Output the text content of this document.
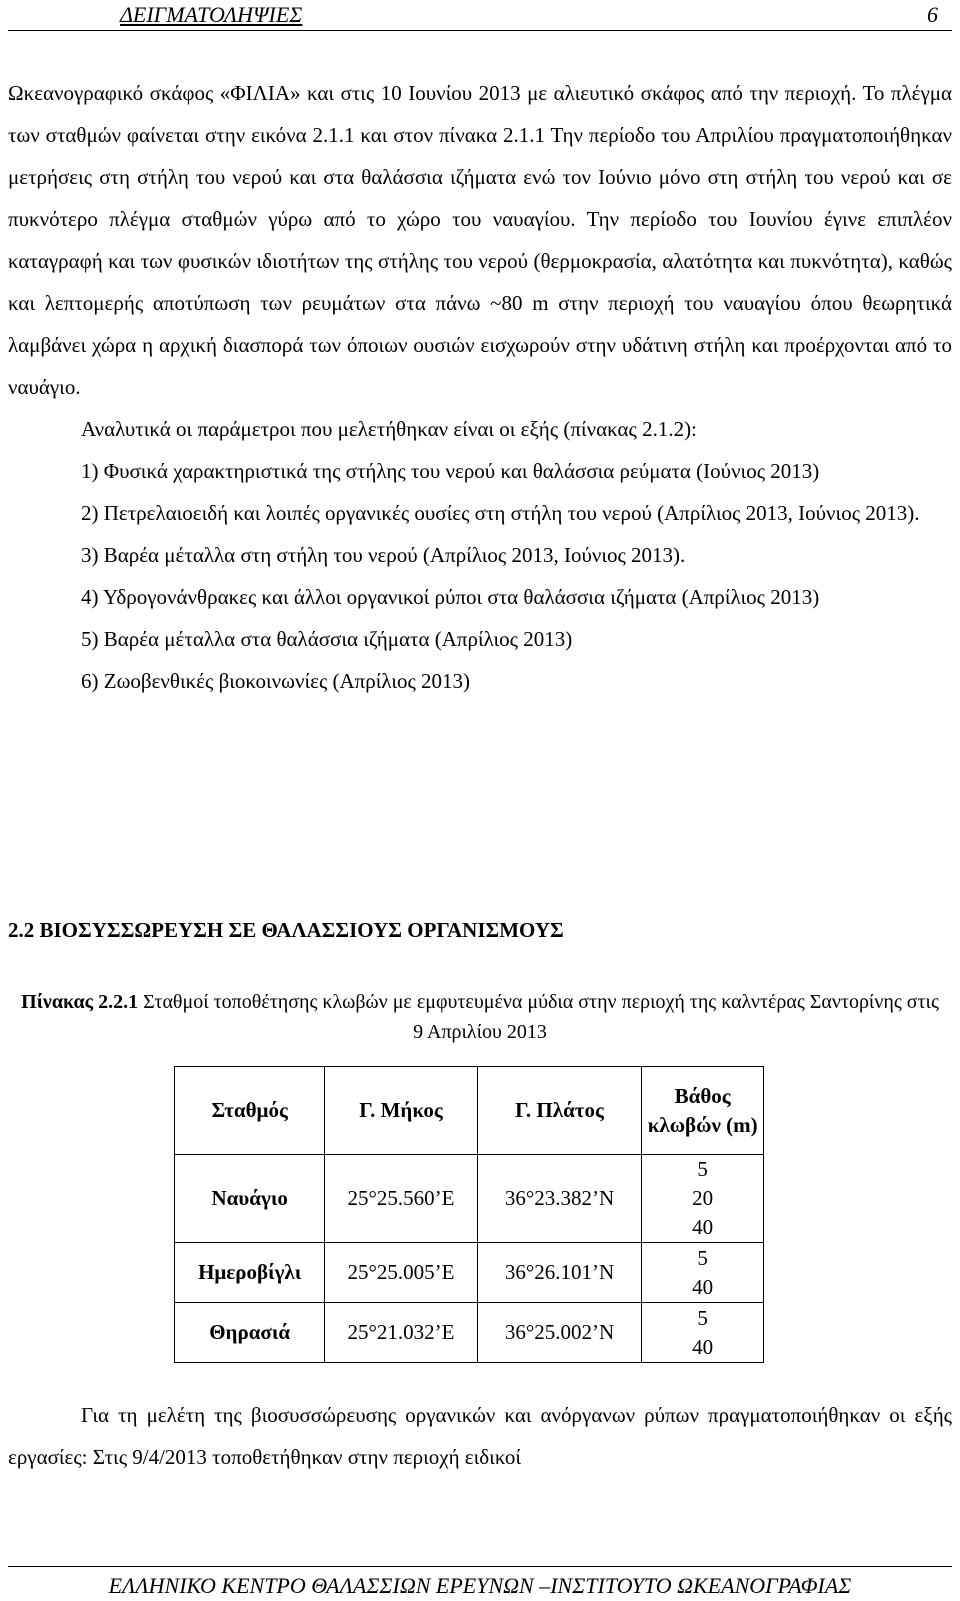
ΔΕΙΓΜΑΤΟΛΗΨΙΕΣ	6

Ωκεανογραφικό σκάφος «ΦΙΛΙΑ» και στις 10 Ιουνίου 2013 με αλιευτικό σκάφος από την περιοχή. Το πλέγμα των σταθμών φαίνεται στην εικόνα 2.1.1 και στον πίνακα 2.1.1 Την περίοδο του Απριλίου πραγματοποιήθηκαν μετρήσεις στη στήλη του νερού και στα θαλάσσια ιζήματα ενώ τον Ιούνιο μόνο στη στήλη του νερού και σε πυκνότερο πλέγμα σταθμών γύρω από το χώρο του ναυαγίου. Την περίοδο του Ιουνίου έγινε επιπλέον καταγραφή και των φυσικών ιδιοτήτων της στήλης του νερού (θερμοκρασία, αλατότητα και πυκνότητα), καθώς και λεπτομερής αποτύπωση των ρευμάτων στα πάνω ~80 m στην περιοχή του ναυαγίου όπου θεωρητικά λαμβάνει χώρα η αρχική διασπορά των όποιων ουσιών εισχωρούν στην υδάτινη στήλη και προέρχονται από το ναυάγιο.

Αναλυτικά οι παράμετροι που μελετήθηκαν είναι οι εξής (πίνακας 2.1.2):

1) Φυσικά χαρακτηριστικά της στήλης του νερού και θαλάσσια ρεύματα (Ιούνιος 2013)

2) Πετρελαιοειδή και λοιπές οργανικές ουσίες στη στήλη του νερού (Απρίλιος 2013, Ιούνιος 2013).

3) Βαρέα μέταλλα στη στήλη του νερού (Απρίλιος 2013, Ιούνιος 2013).

4) Υδρογονάνθρακες και άλλοι οργανικοί ρύποι στα θαλάσσια ιζήματα (Απρίλιος 2013)

5) Βαρέα μέταλλα στα θαλάσσια ιζήματα (Απρίλιος 2013)

6) Ζωοβενθικές βιοκοινωνίες (Απρίλιος 2013)

2.2 ΒΙΟΣΥΣΣΩΡΕΥΣΗ ΣΕ ΘΑΛΑΣΣΙΟΥΣ ΟΡΓΑΝΙΣΜΟΥΣ
Πίνακας 2.2.1 Σταθμοί τοποθέτησης κλωβών με εμφυτευμένα μύδια στην περιοχή της καλντέρας Σαντορίνης στις 9 Απριλίου 2013
Σταθμός	Γ. Μήκος	Γ. Πλάτος	Βάθος κλωβών (m)
Ναυάγιο	25°25.560’Ε	36°23.382’Ν	5
20
40

Ημεροβίγλι	25°25.005’Ε	36°26.101’Ν	5
40

Θηρασιά	25°21.032’Ε	36°25.002’Ν	5
40

Για τη μελέτη της βιοσυσσώρευσης οργανικών και ανόργανων ρύπων πραγματοποιήθηκαν οι εξής εργασίες: Στις 9/4/2013 τοποθετήθηκαν στην περιοχή ειδικοί

ΕΛΛΗΝΙΚΟ ΚΕΝΤΡΟ ΘΑΛΑΣΣΙΩΝ ΕΡΕΥΝΩΝ –ΙΝΣΤΙΤΟΥΤΟ ΩΚΕΑΝΟΓΡΑΦΙΑΣ
